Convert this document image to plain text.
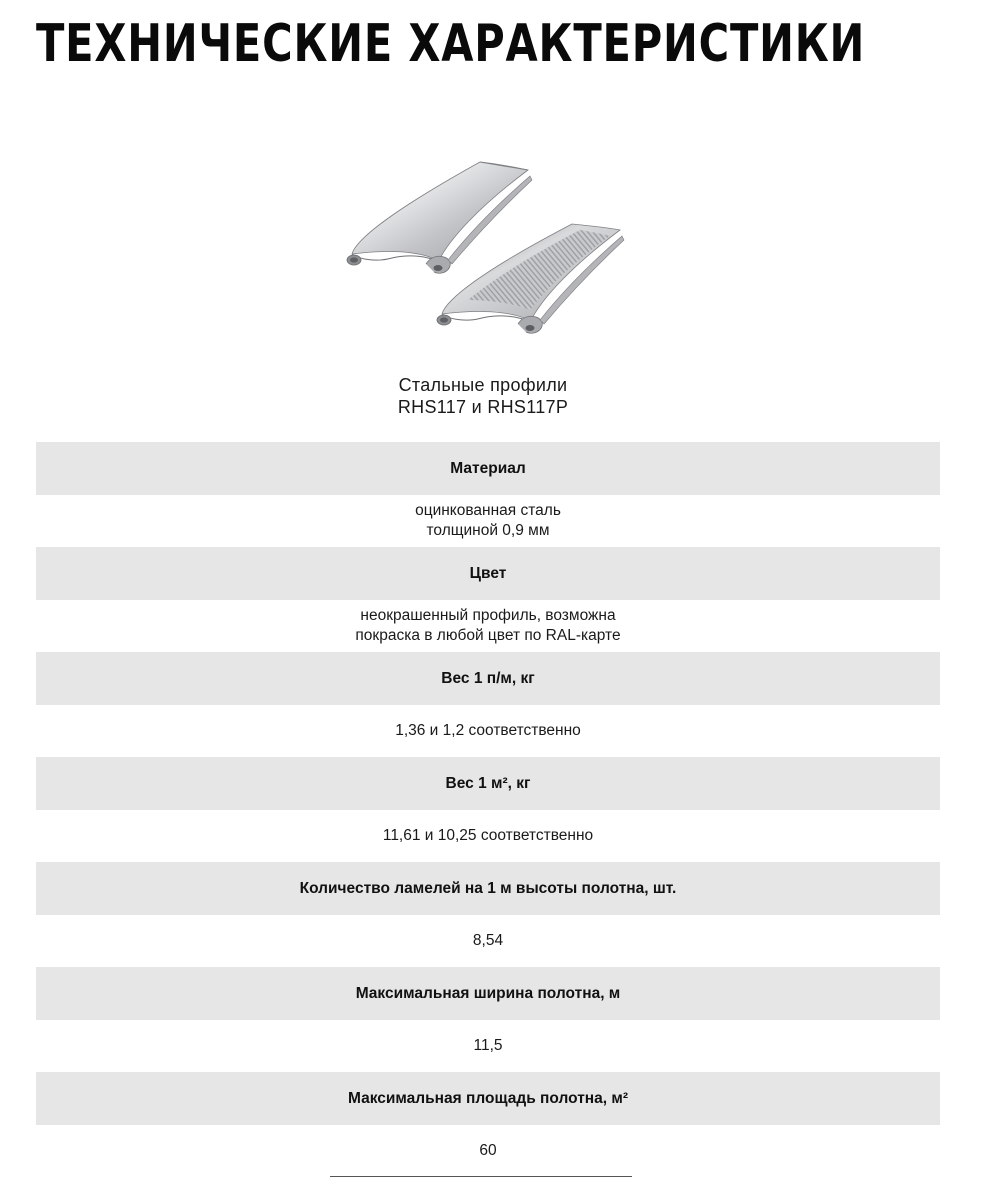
ТЕХНИЧЕСКИЕ ХАРАКТЕРИСТИКИ
Стальные профили
RHS117 и RHS117P
Материал
оцинкованная сталь
толщиной 0,9 мм
Цвет
неокрашенный профиль, возможна
покраска в любой цвет по RAL-карте
Вес 1 п/м, кг
1,36 и 1,2 соответственно
Вес 1 м², кг
11,61 и 10,25 соответственно
Количество ламелей на 1 м высоты полотна, шт.
8,54
Максимальная ширина полотна, м
11,5
Максимальная площадь полотна, м²
60
